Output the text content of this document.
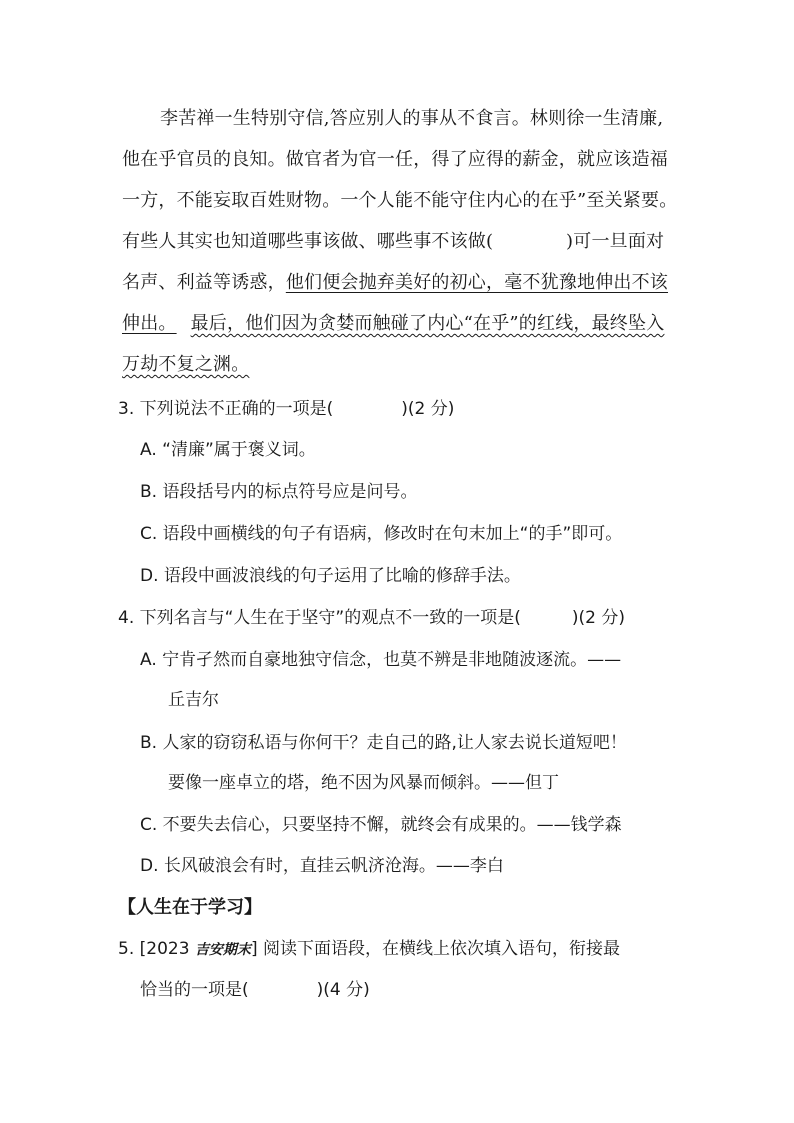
李苦禅一生特别守信,答应别人的事从不食言。林则徐一生清廉,
他在乎官员的良知。做官者为官一任，得了应得的薪金，就应该造福
一方，不能妄取百姓财物。一个人能不能守住内心的在乎”至关紧要。
有些人其实也知道哪些事该做、哪些事不该做(　　　　)可一旦面对
名声、利益等诱惑，他们便会抛弃美好的初心，毫不犹豫地伸出不该
伸出。 最后，他们因为贪婪而触碰了内心“在乎”的红线，最终坠入
万劫不复之渊。
3. 下列说法不正确的一项是(　　　　)(2 分)
A. “清廉”属于褒义词。
B. 语段括号内的标点符号应是问号。
C. 语段中画横线的句子有语病，修改时在句末加上“的手”即可。
D. 语段中画波浪线的句子运用了比喻的修辞手法。
4. 下列名言与“人生在于坚守”的观点不一致的一项是(　　　)(2 分)
A. 宁肯孑然而自豪地独守信念，也莫不辨是非地随波逐流。——
丘吉尔
B. 人家的窃窃私语与你何干？走自己的路,让人家去说长道短吧！
要像一座卓立的塔，绝不因为风暴而倾斜。——但丁
C. 不要失去信心，只要坚持不懈，就终会有成果的。——钱学森
D. 长风破浪会有时，直挂云帆济沧海。——李白
【人生在于学习】
5. [2023 吉安期末] 阅读下面语段，在横线上依次填入语句，衔接最
恰当的一项是(　　　　)(4 分)
